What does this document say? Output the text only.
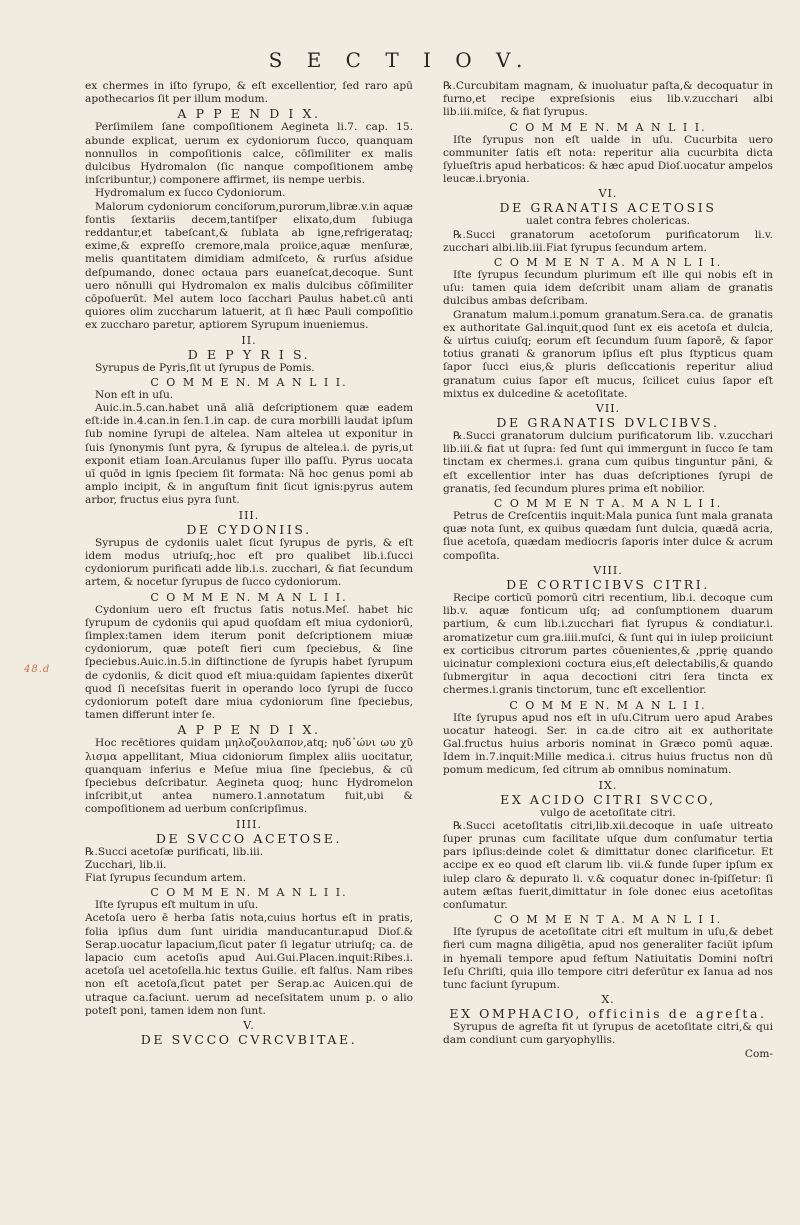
S E C T I O V.
48.d
ex chermes in iſto ſyrupo, & eſt excellentior, ſed raro apū apothecarios ſit per illum modum.
A P P E N D I X.
Perſimilem ſane compoſitionem Aegineta li.7. cap. 15. abunde explicat, uerum ex cydoniorum ſucco, quanquam nonnullos in compoſitionis calce, cōſimiliter ex malis dulcibus Hydromalon (ſic nanque compoſitionem ambę inſcribuntur,) componere affirmet, iis nempe uerbis.
Hydromalum ex ſucco Cydoniorum.
Malorum cydoniorum conciſorum,purorum,libræ.v.in aquæ fontis ſextariis decem,tantiſper elixato,dum ſubiuga reddantur,et tabeſcant,& ſublata ab igne,refrigerataq; exime,& expreſſo cremore,mala proiice,aquæ menſuræ, melis quantitatem dimidiam admiſceto, & rurſus aſsidue deſpumando, donec octaua pars euaneſcat,decoque. Sunt uero nōnulli qui Hydromalon ex malis dulcibus cōſimiliter cōpoſuerūt. Mel autem loco ſacchari Paulus habet.cū anti quiores olim zuccharum latuerit, at ſi hæc Pauli compoſitio ex zuccharo paretur, aptiorem Syrupum inueniemus.
II.
D E P Y R I S.
Syrupus de Pyris,ſit ut ſyrupus de Pomis.
C O M M E N. M A N L I I.
Non eſt in uſu.
Auic.in.5.can.habet unā aliā deſcriptionem quæ eadem eſt:ide in.4.can.in ſen.1.in cap. de cura morbilli laudat ipſum ſub nomine ſyrupi de altelea. Nam altelea ut exponitur in ſuis ſynonymis ſunt pyra, & ſyrupus de altelea.i. de pyris,ut exponit etiam Ioan.Arculanus ſuper illo paſſu. Pyrus uocata uī quōd in ignis ſpeciem ſit formata: Nā hoc genus pomi ab amplo incipit, & in anguſtum finit ſicut ignis:pyrus autem arbor, fructus eius pyra ſunt.
III.
DE CYDONIIS.
Syrupus de cydoniis ualet ſicut ſyrupus de pyris, & eſt idem modus utriuſq;,hoc eſt pro qualibet lib.i.ſucci cydoniorum purificati adde lib.i.s. zucchari, & fiat ſecundum artem, & nocetur ſyrupus de ſucco cydoniorum.
C O M M E N. M A N L I I.
Cydonium uero eſt fructus ſatis notus.Meſ. habet hic ſyrupum de cydoniis qui apud quoſdam eſt miua cydoniorū, ſimplex:tamen idem iterum ponit deſcriptionem miuæ cydoniorum, quæ poteſt fieri cum ſpeciebus, & ſine ſpeciebus.Auic.in.5.in diſtinctione de ſyrupis habet ſyrupum de cydoniis, & dicit quod eſt miua:quidam ſapientes dixerūt quod ſi neceſsitas fuerit in operando loco ſyrupi de ſucco cydoniorum poteſt dare miua cydoniorum ſine ſpeciebus, tamen differunt inter ſe.
A P P E N D I X.
Hoc recētiores quidam μηλοζουλαπον,atq; ηυδ᾽ώνι ωυ χῦ λισμα appellitant, Miua cidoniorum ſimplex aliis uocitatur, quanquam inferius e Meſue miua ſine ſpeciebus, & cū ſpeciebus deſcribatur. Aegineta quoq; hunc Hydromelon inſcribit,ut antea numero.1.annotatum fuit,ubi & compoſitionem ad uerbum conſcripſimus.
IIII.
DE SVCCO ACETOSE.
℞.Succi acetoſæ purificati, lib.iii.
Zucchari, lib.ii.
Fiat ſyrupus ſecundum artem.
C O M M E N. M A N L I I.
Iſte ſyrupus eſt multum in uſu.
Acetoſa uero ē herba ſatis nota,cuius hortus eſt in pratis, folia ipſius dum ſunt uiridia manducantur.apud Dioſ.& Serap.uocatur lapacium,ſicut pater ſi legatur utriuſq; ca. de lapacio cum acetoſis apud Aui.Gui.Placen.inquit:Ribes.i. acetoſa uel acetoſella.hic textus Guilie. eſt falſus. Nam ribes non eſt acetoſa,ſicut patet per Serap.ac Auicen.qui de utraque ca.faciunt. uerum ad neceſsitatem unum p. o alio poteſt poni, tamen idem non ſunt.
V.
DE SVCCO CVRCVBITAE.
℞.Curcubitam magnam, & inuoluatur paſta,& decoquatur in furno,et recipe expreſsionis eius lib.v.zucchari albi lib.iii.miſce, & fiat ſyrupus.
C O M M E N. M A N L I I.
Iſte ſyrupus non eſt ualde in uſu. Cucurbita uero communiter ſatis eſt nota: reperitur alia cucurbita dicta ſylueſtris apud herbaticos: & hæc apud Dioſ.uocatur ampelos leucæ.i.bryonia.
VI.
DE GRANATIS ACETOSIS
ualet contra febres cholericas.
℞.Succi granatorum acetoſorum purificatorum li.v. zucchari albi.lib.iii.Fiat ſyrupus ſecundum artem.
C O M M E N T A. M A N L I I.
Iſte ſyrupus ſecundum plurimum eſt ille qui nobis eſt in uſu: tamen quia idem deſcribit unam aliam de granatis dulcibus ambas deſcribam.
Granatum malum.i.pomum granatum.Sera.ca. de granatis ex authoritate Gal.inquit,quod ſunt ex eis acetoſa et dulcia, & uirtus cuiuſq; eorum eſt ſecundum ſuum ſaporē, & ſapor totius granati & granorum ipſius eſt plus ſtypticus quam ſapor ſucci eius,& pluris deſiccationis reperitur aliud granatum cuius ſapor eſt mucus, ſcilicet cuius ſapor eſt mixtus ex dulcedine & acetoſitate.
VII.
DE GRANATIS DVLCIBVS.
℞.Succi granatorum dulcium purificatorum lib. v.zucchari lib.iii.& fiat ut ſupra: ſed ſunt qui immergunt in ſucco ſe tam tinctam ex chermes.i. grana cum quibus tinguntur pāni, & eſt excellentior inter has duas deſcriptiones ſyrupi de granatis, ſed ſecundum plures prima eſt nobilior.
C O M M E N T A. M A N L I I.
Petrus de Creſcentiis inquit:Mala punica ſunt mala granata quæ nota ſunt, ex quibus quædam ſunt dulcia, quædā acria, ſiue acetoſa, quædam mediocris ſaporis inter dulce & acrum compoſita.
VIII.
DE CORTICIBVS CITRI.
Recipe corticū pomorū citri recentium, lib.i. decoque cum lib.v. aquæ fonticum uſq; ad conſumptionem duarum partium, & cum lib.i.zucchari fiat ſyrupus & condiatur.i. aromatizetur cum gra.iiii.muſci, & ſunt qui in iulep proiiciunt ex corticibus citrorum partes cōuenientes,& ,pprię quando uicinatur complexioni coctura eius,eſt delectabilis,& quando ſubmergitur in aqua decoctioni citri ſera tincta ex chermes.i.granis tinctorum, tunc eſt excellentior.
C O M M E N. M A N L I I.
Iſte ſyrupus apud nos eſt in uſu.Citrum uero apud Arabes uocatur hateogi. Ser. in ca.de citro ait ex authoritate Gal.fructus huius arboris nominat in Græco pomū aquæ. Idem in.7.inquit:Mille medica.i. citrus huius fructus non dū pomum medicum, ſed citrum ab omnibus nominatum.
IX.
EX ACIDO CITRI SVCCO,
vulgo de acetoſitate citri.
℞.Succi acetoſitatis citri,lib.xii.decoque in uaſe uitreato ſuper prunas cum facilitate uſque dum conſumatur tertia pars ipſius:deinde colet & dimittatur donec clarificetur. Et accipe ex eo quod eſt clarum lib. vii.& funde ſuper ipſum ex iulep claro & depurato li. v.& coquatur donec in-ſpiſſetur: ſi autem æſtas fuerit,dimittatur in ſole donec eius acetoſitas conſumatur.
C O M M E N T A. M A N L I I.
Iſte ſyrupus de acetoſitate citri eſt multum in uſu,& debet fieri cum magna diligētia, apud nos generaliter faciūt ipſum in hyemali tempore apud feſtum Natiuitatis Domini noſtri Ieſu Chriſti, quia illo tempore citri deferūtur ex Ianua ad nos tunc faciunt ſyrupum.
X.
EX OMPHACIO, officinis de agreſta.
Syrupus de agreſta fit ut ſyrupus de acetoſitate citri,& qui dam condiunt cum garyophyllis.
Com-
